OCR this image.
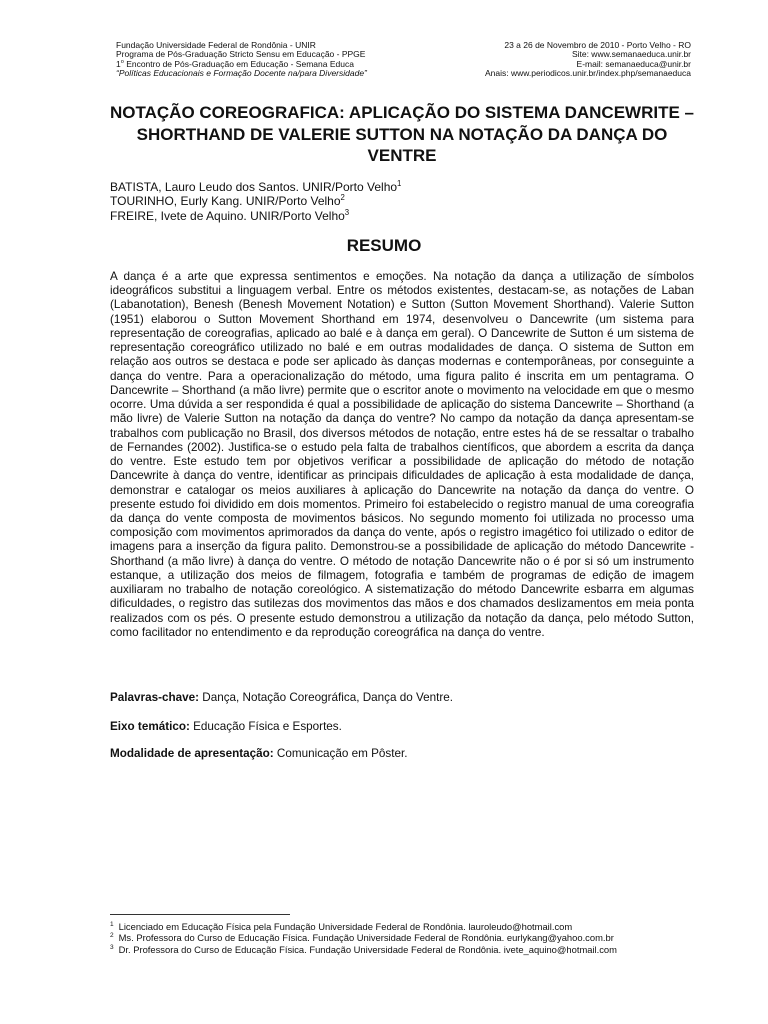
Fundação Universidade Federal de Rondônia - UNIR
Programa de Pós-Graduação Stricto Sensu em Educação - PPGE
1$^o$ Encontro de Pós-Graduação em Educação - Semana Educa
“Políticas Educacionais e Formação Docente na/para Diversidade”
23 a 26 de Novembro de 2010 - Porto Velho - RO
Site: www.semanaeduca.unir.br
E-mail: semanaeduca@unir.br
Anais: www.periodicos.unir.br/index.php/semanaeduca
NOTAÇÃO COREOGRAFICA: APLICAÇÃO DO SISTEMA DANCEWRITE – SHORTHAND DE VALERIE SUTTON NA NOTAÇÃO DA DANÇA DO VENTRE
BATISTA, Lauro Leudo dos Santos. UNIR/Porto Velho$^1$
TOURINHO, Eurly Kang. UNIR/Porto Velho$^2$
FREIRE, Ivete de Aquino. UNIR/Porto Velho$^3$
RESUMO
A dança é a arte que expressa sentimentos e emoções. Na notação da dança a utilização de símbolos ideográficos substitui a linguagem verbal. Entre os métodos existentes, destacam-se, as notações de Laban (Labanotation), Benesh (Benesh Movement Notation) e Sutton (Sutton Movement Shorthand). Valerie Sutton (1951) elaborou o Sutton Movement Shorthand em 1974, desenvolveu o Dancewrite (um sistema para representação de coreografias, aplicado ao balé e à dança em geral). O Dancewrite de Sutton é um sistema de representação coreográfico utilizado no balé e em outras modalidades de dança. O sistema de Sutton em relação aos outros se destaca e pode ser aplicado às danças modernas e contemporâneas, por conseguinte a dança do ventre. Para a operacionalização do método, uma figura palito é inscrita em um pentagrama. O Dancewrite – Shorthand (a mão livre) permite que o escritor anote o movimento na velocidade em que o mesmo ocorre. Uma dúvida a ser respondida é qual a possibilidade de aplicação do sistema Dancewrite – Shorthand (a mão livre) de Valerie Sutton na notação da dança do ventre? No campo da notação da dança apresentam-se trabalhos com publicação no Brasil, dos diversos métodos de notação, entre estes há de se ressaltar o trabalho de Fernandes (2002). Justifica-se o estudo pela falta de trabalhos científicos, que abordem a escrita da dança do ventre. Este estudo tem por objetivos verificar a possibilidade de aplicação do método de notação Dancewrite à dança do ventre, identificar as principais dificuldades de aplicação à esta modalidade de dança, demonstrar e catalogar os meios auxiliares à aplicação do Dancewrite na notação da dança do ventre. O presente estudo foi dividido em dois momentos. Primeiro foi estabelecido o registro manual de uma coreografia da dança do vente composta de movimentos básicos. No segundo momento foi utilizada no processo uma composição com movimentos aprimorados da dança do vente, após o registro imagético foi utilizado o editor de imagens para a inserção da figura palito. Demonstrou-se a possibilidade de aplicação do método Dancewrite - Shorthand (a mão livre) à dança do ventre. O método de notação Dancewrite não o é por si só um instrumento estanque, a utilização dos meios de filmagem, fotografia e também de programas de edição de imagem auxiliaram no trabalho de notação coreológico. A sistematização do método Dancewrite esbarra em algumas dificuldades, o registro das sutilezas dos movimentos das mãos e dos chamados deslizamentos em meia ponta realizados com os pés. O presente estudo demonstrou a utilização da notação da dança, pelo método Sutton, como facilitador no entendimento e da reprodução coreográfica na dança do ventre.
Palavras-chave: Dança, Notação Coreográfica, Dança do Ventre.
Eixo temático: Educação Física e Esportes.
Modalidade de apresentação: Comunicação em Pôster.
$^1$ Licenciado em Educação Física pela Fundação Universidade Federal de Rondônia. lauroleudo@hotmail.com
$^2$ Ms. Professora do Curso de Educação Física. Fundação Universidade Federal de Rondônia. eurlykang@yahoo.com.br
$^3$ Dr. Professora do Curso de Educação Física. Fundação Universidade Federal de Rondônia. ivete_aquino@hotmail.com
